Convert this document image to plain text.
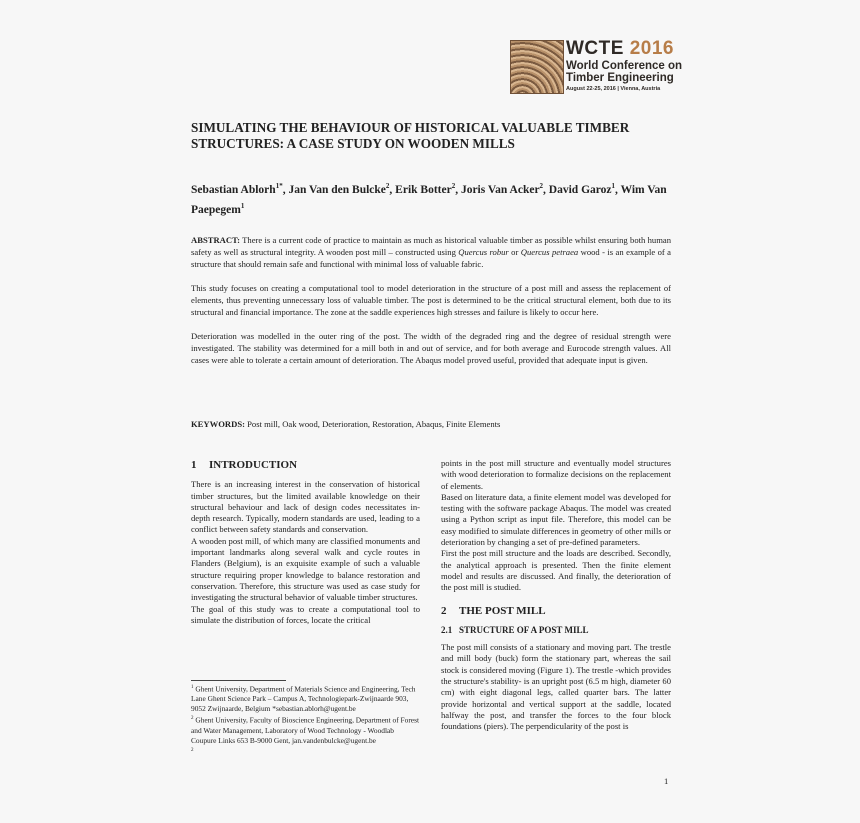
WCTE 2016
World Conference on
Timber Engineering
August 22-25, 2016 | Vienna, Austria
SIMULATING THE BEHAVIOUR OF HISTORICAL VALUABLE TIMBER STRUCTURES: A CASE STUDY ON WOODEN MILLS
Sebastian Ablorh$^{1*}$, Jan Van den Bulcke$^2$, Erik Botter$^2$, Joris Van Acker$^2$, David Garoz$^1$, Wim Van Paepegem$^1$

ABSTRACT: There is a current code of practice to maintain as much as historical valuable timber as possible whilst ensuring both human safety as well as structural integrity. A wooden post mill – constructed using Quercus robur or Quercus petraea wood - is an example of a structure that should remain safe and functional with minimal loss of valuable fabric.

This study focuses on creating a computational tool to model deterioration in the structure of a post mill and assess the replacement of elements, thus preventing unnecessary loss of valuable timber. The post is determined to be the critical structural element, both due to its structural and financial importance. The zone at the saddle experiences high stresses and failure is likely to occur here.

Deterioration was modelled in the outer ring of the post. The width of the degraded ring and the degree of residual strength were investigated. The stability was determined for a mill both in and out of service, and for both average and Eurocode strength values. All cases were able to tolerate a certain amount of deterioration. The Abaqus model proved useful, provided that adequate input is given.

KEYWORDS: Post mill, Oak wood, Deterioration, Restoration, Abaqus, Finite Elements
1 INTRODUCTION

There is an increasing interest in the conservation of historical timber structures, but the limited available knowledge on their structural behaviour and lack of design codes necessitates in-depth research. Typically, modern standards are used, leading to a conflict between safety standards and conservation.

A wooden post mill, of which many are classified monuments and important landmarks along several walk and cycle routes in Flanders (Belgium), is an exquisite example of such a valuable structure requiring proper knowledge to balance restoration and conservation. Therefore, this structure was used as case study for investigating the structural behavior of valuable timber structures.

The goal of this study was to create a computational tool to simulate the distribution of forces, locate the critical

points in the post mill structure and eventually model structures with wood deterioration to formalize decisions on the replacement of elements.

Based on literature data, a finite element model was developed for testing with the software package Abaqus. The model was created using a Python script as input file. Therefore, this model can be easy modified to simulate differences in geometry of other mills or deterioration by changing a set of pre-defined parameters.

First the post mill structure and the loads are described. Secondly, the analytical approach is presented. Then the finite element model and results are discussed. And finally, the deterioration of the post mill is studied.

2 THE POST MILL
2.1 STRUCTURE OF A POST MILL

The post mill consists of a stationary and moving part. The trestle and mill body (buck) form the stationary part, whereas the sail stock is considered moving (Figure 1). The trestle -which provides the structure's stability- is an upright post (6.5 m high, diameter 60 cm) with eight diagonal legs, called quarter bars. The latter provide horizontal and vertical support at the saddle, located halfway the post, and transfer the forces to the four block foundations (piers). The perpendicularity of the post is

$^1$ Ghent University, Department of Materials Science and Engineering, Tech Lane Ghent Science Park – Campus A, Technologiepark-Zwijnaarde 903, 9052 Zwijnaarde, Belgium *sebastian.ablorh@ugent.be

$^2$ Ghent University, Faculty of Bioscience Engineering, Department of Forest and Water Management, Laboratory of Wood Technology - Woodlab Coupure Links 653 B-9000 Gent, jan.vandenbulcke@ugent.be

$^2$

1
